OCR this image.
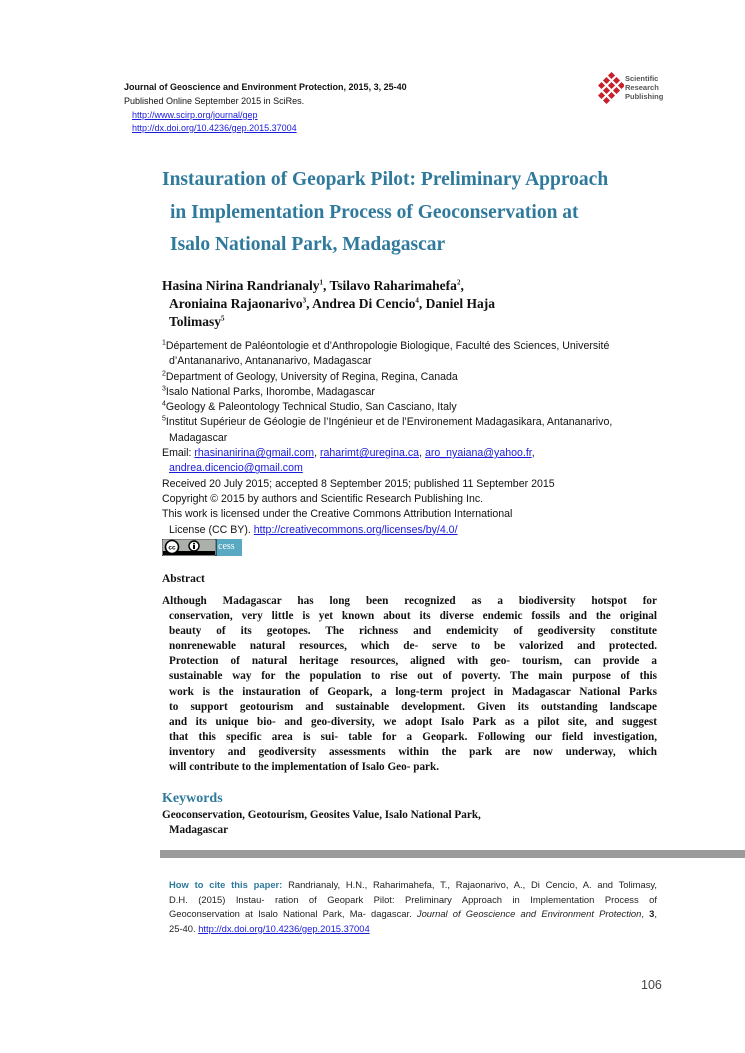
Journal of Geoscience and Environment Protection, 2015, 3, 25-40
Published Online September 2015 in SciRes.
http://www.scirp.org/journal/gep
http://dx.doi.org/10.4236/gep.2015.37004
Scientific
Research
Publishing
Instauration of Geopark Pilot: Preliminary Approach
in Implementation Process of Geoconservation at
Isalo National Park, Madagascar
Hasina Nirina Randrianaly$^1$, Tsilavo Raharimahefa$^2$,
Aroniaina Rajaonarivo$^3$, Andrea Di Cencio$^4$, Daniel Haja
Tolimasy$^5$
$^1$Département de Paléontologie et d’Anthropologie Biologique, Faculté des Sciences, Université
d’Antananarivo, Antananarivo, Madagascar
$^2$Department of Geology, University of Regina, Regina, Canada
$^3$Isalo National Parks, Ihorombe, Madagascar
$^4$Geology & Paleontology Technical Studio, San Casciano, Italy
$^5$Institut Supérieur de Géologie de l’Ingénieur et de l’Environement Madagasikara, Antananarivo,
Madagascar
Email: rhasinanirina@gmail.com, raharimt@uregina.ca, aro_nyaiana@yahoo.fr,
andrea.dicencio@gmail.com
Received 20 July 2015; accepted 8 September 2015; published 11 September 2015
Copyright © 2015 by authors and Scientific Research Publishing Inc.
This work is licensed under the Creative Commons Attribution International
License (CC BY). http://creativecommons.org/licenses/by/4.0/
cc	cess
Abstract
Although Madagascar has long been recognized as a biodiversity hotspot for
conservation, very little is yet known about its diverse endemic fossils and the original
beauty of its geotopes. The richness and endemicity of geodiversity constitute
nonrenewable natural resources, which de- serve to be valorized and protected.
Protection of natural heritage resources, aligned with geo- tourism, can provide a
sustainable way for the population to rise out of poverty. The main purpose of this
work is the instauration of Geopark, a long-term project in Madagascar National Parks
to support geotourism and sustainable development. Given its outstanding landscape
and its unique bio- and geo-diversity, we adopt Isalo Park as a pilot site, and suggest
that this specific area is sui- table for a Geopark. Following our field investigation,
inventory and geodiversity assessments within the park are now underway, which
will contribute to the implementation of Isalo Geo- park.
Keywords
Geoconservation, Geotourism, Geosites Value, Isalo National Park,
Madagascar
How to cite this paper: Randrianaly, H.N., Raharimahefa, T., Rajaonarivo, A., Di Cencio, A. and Tolimasy,
D.H. (2015) Instau- ration of Geopark Pilot: Preliminary Approach in Implementation Process of
Geoconservation at Isalo National Park, Ma- dagascar. Journal of Geoscience and Environment Protection, 3,
25-40. http://dx.doi.org/10.4236/gep.2015.37004
106
